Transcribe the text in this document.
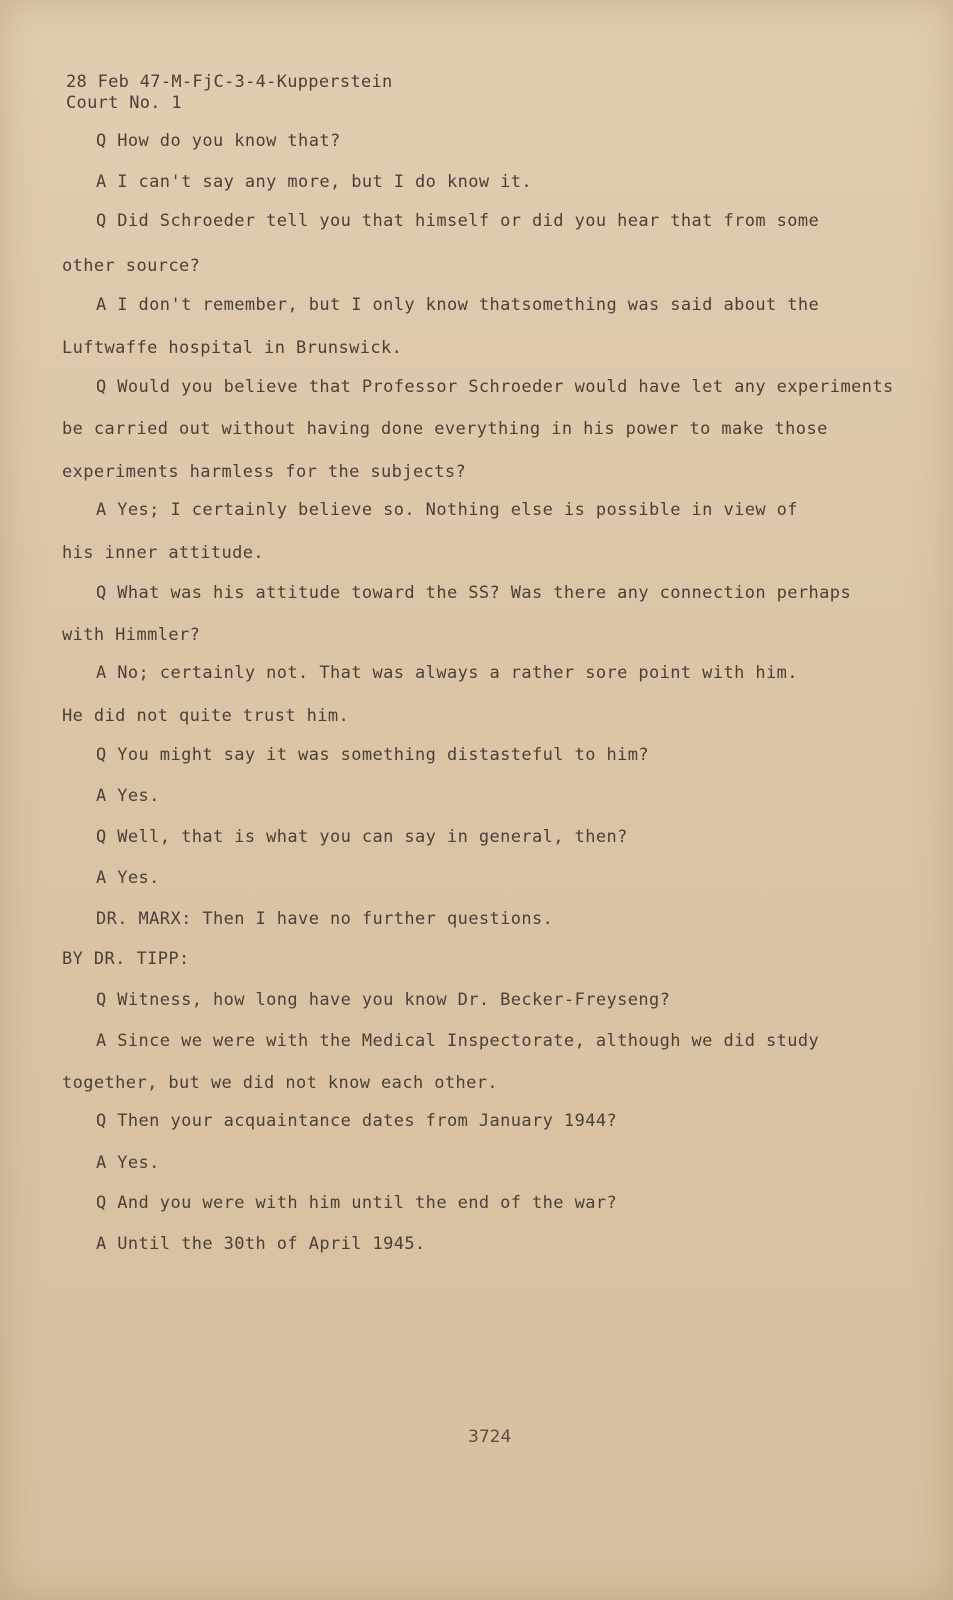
28 Feb 47-M-FjC-3-4-Kupperstein
Court No. 1
Q How do you know that?
A I can't say any more, but I do know it.
Q Did Schroeder tell you that himself or did you hear that from some
other source?
A I don't remember, but I only know thatsomething was said about the
Luftwaffe hospital in Brunswick.
Q Would you believe that Professor Schroeder would have let any experiments
be carried out without having done everything in his power to make those
experiments harmless for the subjects?
A Yes; I certainly believe so. Nothing else is possible in view of
his inner attitude.
Q What was his attitude toward the SS? Was there any connection perhaps
with Himmler?
A No; certainly not. That was always a rather sore point with him.
He did not quite trust him.
Q You might say it was something distasteful to him?
A Yes.
Q Well, that is what you can say in general, then?
A Yes.
DR. MARX: Then I have no further questions.
BY DR. TIPP:
Q Witness, how long have you know Dr. Becker-Freyseng?
A Since we were with the Medical Inspectorate, although we did study
together, but we did not know each other.
Q Then your acquaintance dates from January 1944?
A Yes.
Q And you were with him until the end of the war?
A Until the 30th of April 1945.
3724
